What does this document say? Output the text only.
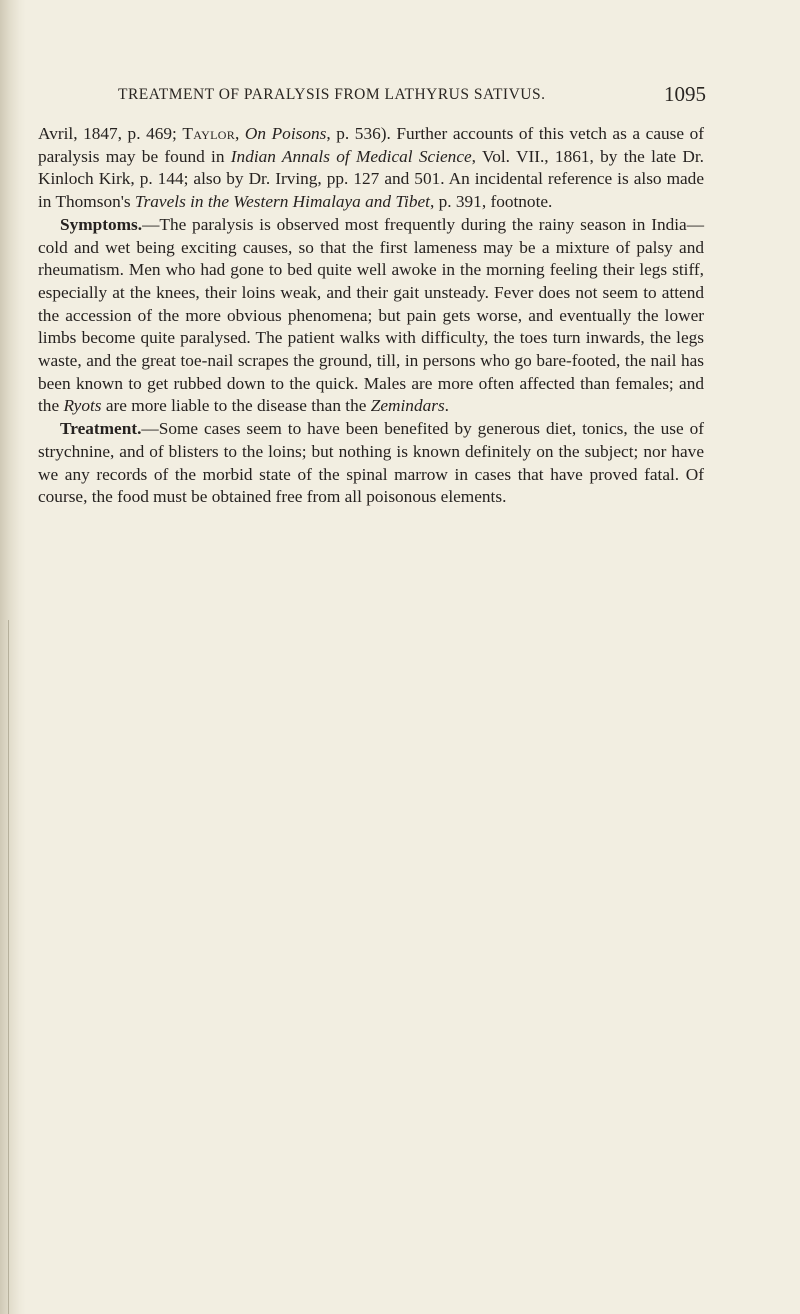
TREATMENT OF PARALYSIS FROM LATHYRUS SATIVUS.	1095

Avril, 1847, p. 469; Taylor, On Poisons, p. 536). Further accounts of this vetch as a cause of paralysis may be found in Indian Annals of Medical Science, Vol. VII., 1861, by the late Dr. Kinloch Kirk, p. 144; also by Dr. Irving, pp. 127 and 501. An incidental reference is also made in Thomson's Travels in the Western Himalaya and Tibet, p. 391, footnote.

Symptoms.—The paralysis is observed most frequently during the rainy season in India—cold and wet being exciting causes, so that the first lameness may be a mixture of palsy and rheumatism. Men who had gone to bed quite well awoke in the morning feeling their legs stiff, especially at the knees, their loins weak, and their gait unsteady. Fever does not seem to attend the accession of the more obvious phenomena; but pain gets worse, and eventually the lower limbs become quite paralysed. The patient walks with difficulty, the toes turn inwards, the legs waste, and the great toe-nail scrapes the ground, till, in persons who go bare-footed, the nail has been known to get rubbed down to the quick. Males are more often affected than females; and the Ryots are more liable to the disease than the Zemindars.

Treatment.—Some cases seem to have been benefited by generous diet, tonics, the use of strychnine, and of blisters to the loins; but nothing is known definitely on the subject; nor have we any records of the morbid state of the spinal marrow in cases that have proved fatal. Of course, the food must be obtained free from all poisonous elements.
